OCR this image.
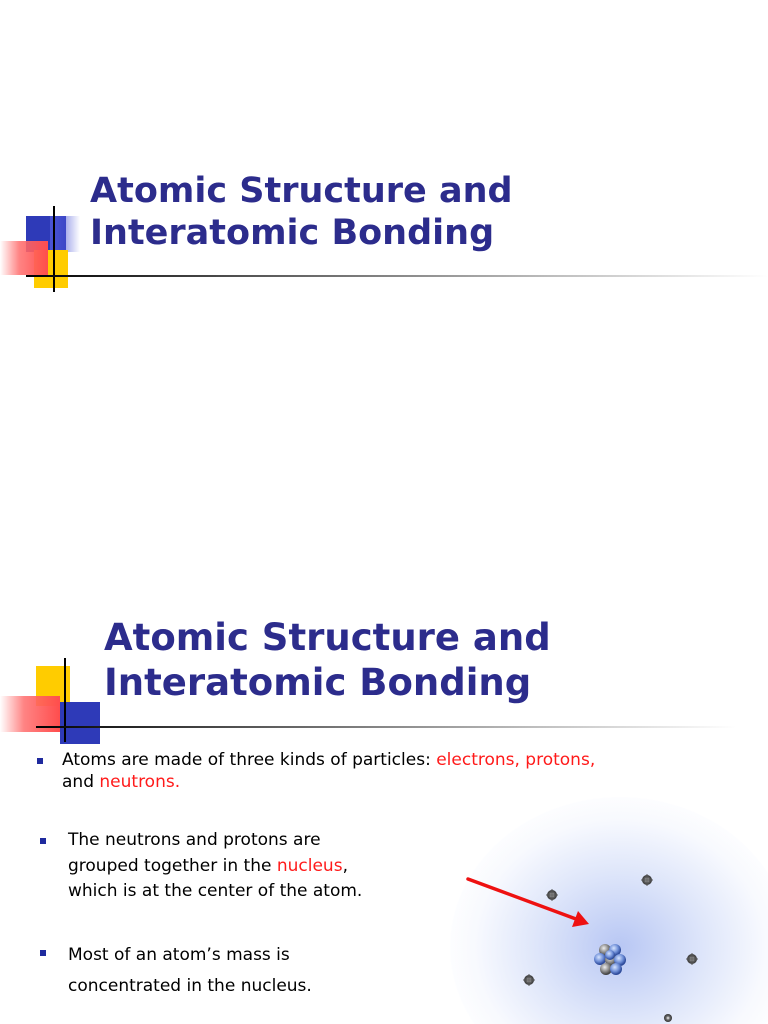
Atomic Structure and
Interatomic Bonding
Atomic Structure and
Interatomic Bonding
Atoms are made of three kinds of particles: electrons, protons,
and neutrons.
The neutrons and protons are
grouped together in the nucleus,
which is at the center of the atom.
Most of an atom’s mass is
concentrated in the nucleus.
